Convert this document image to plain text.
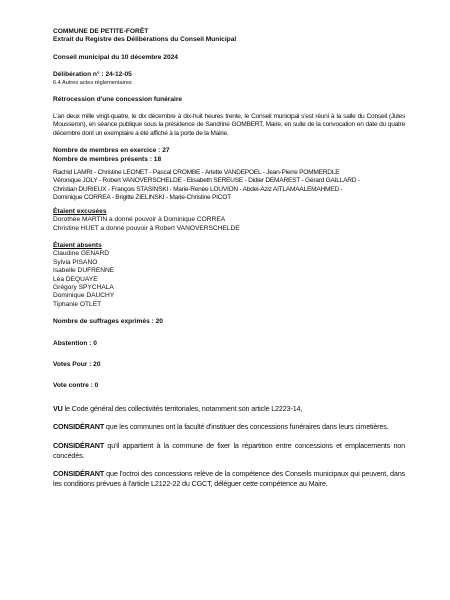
COMMUNE DE PETITE-FORÊT

Extrait du Registre des Délibérations du Conseil Municipal

Conseil municipal du 10 décembre 2024

Délibération n° : 24-12-05

6.4 Autres actes réglementaires

Rétrocession d'une concession funéraire

L'an deux mille vingt-quatre, le dix décembre à dix-huit heures trente, le Conseil municipal s'est réuni à la salle du Conseil (Jules Mousseron), en séance publique sous la présidence de Sandrine GOMBERT, Maire, en suite de la convocation en date du quatre décembre dont un exemplaire a été affiché à la porte de la Mairie.

Nombre de membres en exercice : 27

Nombre de membres présents : 18

Rachid LAMRI - Christine LEONET - Pascal CROMBE - Arlette VANDEPOEL - Jean-Pierre POMMERDLE
Véronique JOLY - Robert VANOVERSCHELDE - Elisabeth SEREUSE - Didier DEMAREST - Gérard GAILLARD -
Christian DURIEUX - François STASINSKI - Marie-Renée LOUVION - Abdel-Aziz AITLAMAALEMAHMED -
Dominique CORREA - Brigitte ZIELINSKI - Marie-Christine PICOT

Étaient excusées

Dorothée MARTIN a donné pouvoir à Dominique CORREA

Christine HUET a donné pouvoir à Robert VANOVERSCHELDE

Étaient absents

Claudine GENARD

Sylvia PISANO

Isabelle DUFRENNE

Léa DEQUAYE

Grégory SPYCHALA

Dominique DAUCHY

Tiphanie OTLET

Nombre de suffrages exprimés : 20

Abstention : 0

Votes Pour : 20

Vote contre : 0

VU le Code général des collectivités territoriales, notamment son article L2223-14,

CONSIDÉRANT que les communes ont la faculté d'instituer des concessions funéraires dans leurs cimetières.

CONSIDÉRANT qu'il appartient à la commune de fixer la répartition entre concessions et emplacements non concédés.

CONSIDÉRANT que l'octroi des concessions relève de la compétence des Conseils municipaux qui peuvent, dans les conditions prévues à l'article L2122-22 du CGCT, déléguer cette compétence au Maire.
